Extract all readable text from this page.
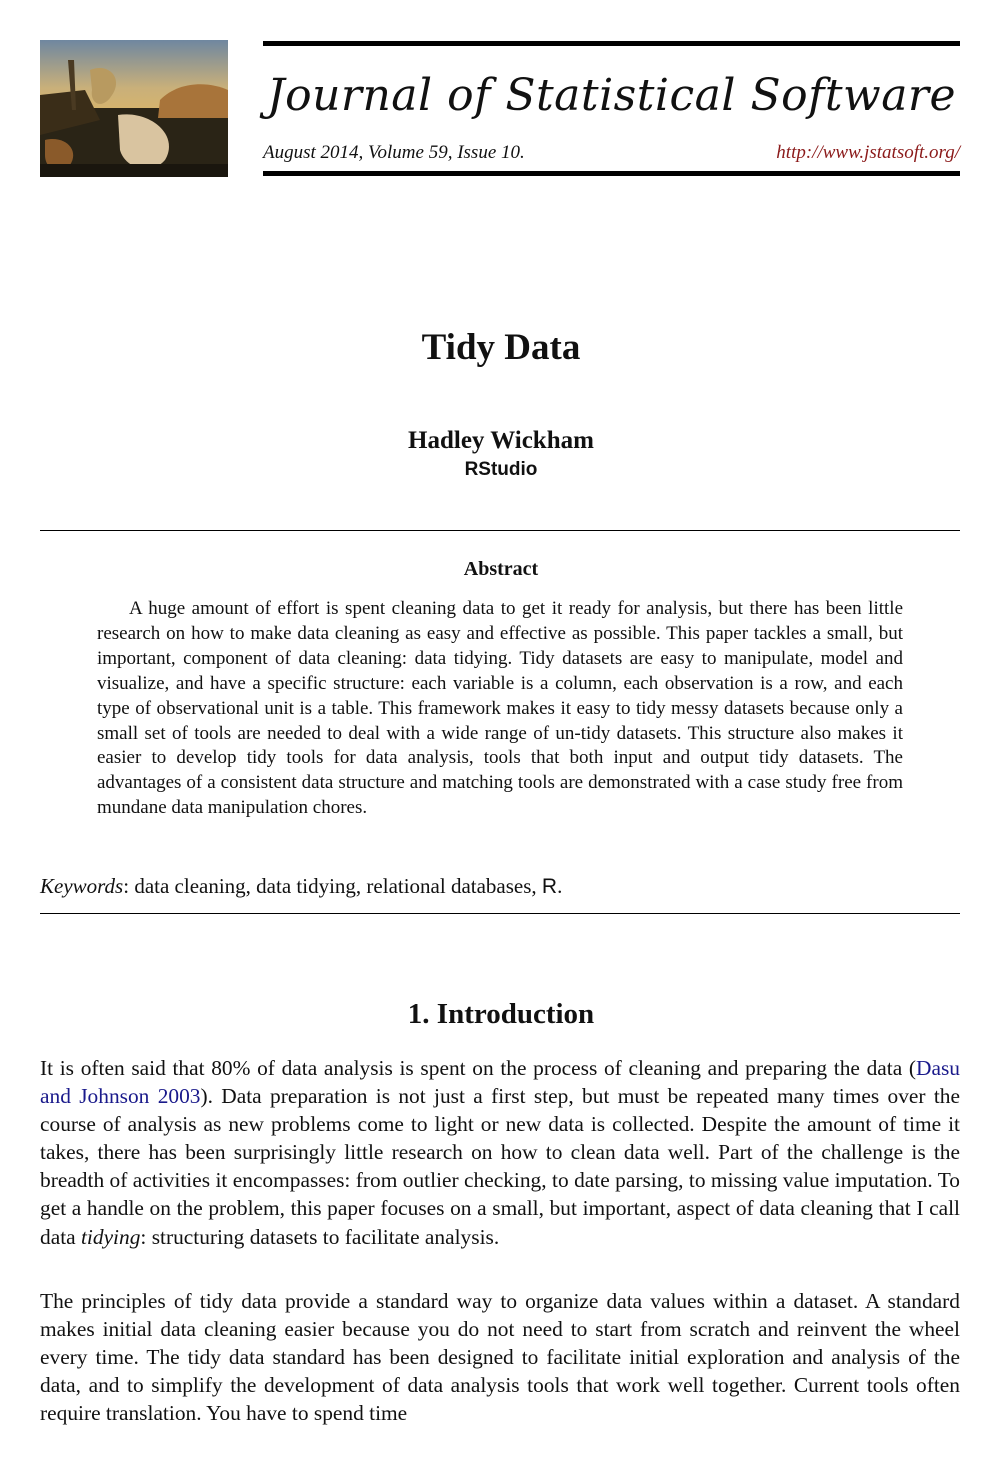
Journal of Statistical Software
August 2014, Volume 59, Issue 10.	http://www.jstatsoft.org/
Tidy Data
Hadley Wickham
RStudio
Abstract

A huge amount of effort is spent cleaning data to get it ready for analysis, but there has been little research on how to make data cleaning as easy and effective as possible. This paper tackles a small, but important, component of data cleaning: data tidying. Tidy datasets are easy to manipulate, model and visualize, and have a specific structure: each variable is a column, each observation is a row, and each type of observational unit is a table. This framework makes it easy to tidy messy datasets because only a small set of tools are needed to deal with a wide range of un-tidy datasets. This structure also makes it easier to develop tidy tools for data analysis, tools that both input and output tidy datasets. The advantages of a consistent data structure and matching tools are demonstrated with a case study free from mundane data manipulation chores.

Keywords: data cleaning, data tidying, relational databases, R.

1. Introduction

It is often said that 80% of data analysis is spent on the process of cleaning and preparing the data (Dasu and Johnson 2003). Data preparation is not just a first step, but must be repeated many times over the course of analysis as new problems come to light or new data is collected. Despite the amount of time it takes, there has been surprisingly little research on how to clean data well. Part of the challenge is the breadth of activities it encompasses: from outlier checking, to date parsing, to missing value imputation. To get a handle on the problem, this paper focuses on a small, but important, aspect of data cleaning that I call data tidying: structuring datasets to facilitate analysis.

The principles of tidy data provide a standard way to organize data values within a dataset. A standard makes initial data cleaning easier because you do not need to start from scratch and reinvent the wheel every time. The tidy data standard has been designed to facilitate initial exploration and analysis of the data, and to simplify the development of data analysis tools that work well together. Current tools often require translation. You have to spend time
